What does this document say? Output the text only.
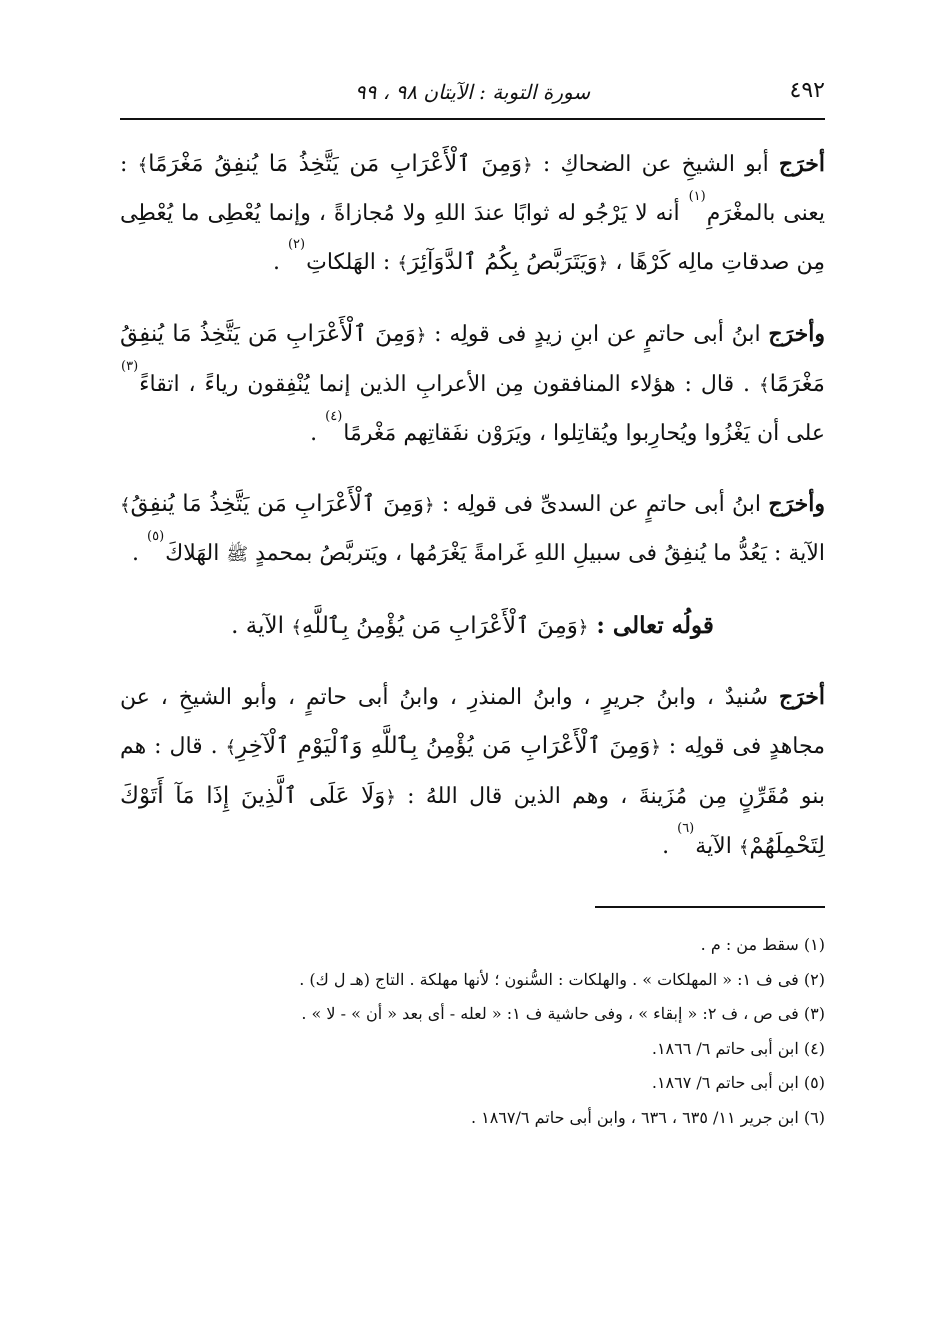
٤٩٢
سورة التوبة : الآيتان ٩٨ ، ٩٩

أخرَج أبو الشيخِ عن الضحاكِ : ﴿وَمِنَ ٱلْأَعْرَابِ مَن يَتَّخِذُ مَا يُنفِقُ مَغْرَمًا﴾ : يعنى بالمغْرَمِ$^{(١)}$ أنه لا يَرْجُو له ثوابًا عندَ اللهِ ولا مُجازاةً ، وإنما يُعْطِى ما يُعْطِى مِن صدقاتِ مالِه كَرْهًا ، ﴿وَيَتَرَبَّصُ بِكُمُ ٱلدَّوَآئِرَ﴾ : الهَلكاتِ$^{(٢)}$ .

وأخرَج ابنُ أبى حاتمٍ عن ابنِ زيدٍ فى قولِه : ﴿وَمِنَ ٱلْأَعْرَابِ مَن يَتَّخِذُ مَا يُنفِقُ مَغْرَمًا﴾ . قال : هؤلاء المنافقون مِن الأعرابِ الذين إنما يُنْفِقون رياءً ، اتقاءً$^{(٣)}$ على أن يَغْزُوا ويُحارِبوا ويُقاتِلوا ، ويَرَوْن نفَقاتِهم مَغْرمًا$^{(٤)}$ .

وأخرَج ابنُ أبى حاتمٍ عن السدىِّ فى قولِه : ﴿وَمِنَ ٱلْأَعْرَابِ مَن يَتَّخِذُ مَا يُنفِقُ﴾ الآية : يَعُدُّ ما يُنفِقُ فى سبيلِ اللهِ غَرامةً يَغْرَمُها ، ويَتربَّصُ بمحمدٍ ﷺ الهَلاكَ$^{(٥)}$ .

قولُه تعالى : ﴿وَمِنَ ٱلْأَعْرَابِ مَن يُؤْمِنُ بِٱللَّهِ﴾ الآية .

أخرَج سُنيدٌ ، وابنُ جريرٍ ، وابنُ المنذرِ ، وابنُ أبى حاتمٍ ، وأبو الشيخِ ، عن مجاهدٍ فى قولِه : ﴿وَمِنَ ٱلْأَعْرَابِ مَن يُؤْمِنُ بِٱللَّهِ وَٱلْيَوْمِ ٱلْآخِرِ﴾ . قال : هم بنو مُقَرِّنٍ مِن مُزَينةَ ، وهم الذين قال اللهُ : ﴿وَلَا عَلَى ٱلَّذِينَ إِذَا مَآ أَتَوْكَ لِتَحْمِلَهُمْ﴾ الآية$^{(٦)}$ .

(١) سقط من : م .
(٢) فى ف ١: « المهلكات » . والهلكات : السُّنون ؛ لأنها مهلكة . التاج (هـ ل ك) .
(٣) فى ص ، ف ٢: « إبقاء » ، وفى حاشية ف ١: « لعله - أى بعد « أن » - لا » .
(٤) ابن أبى حاتم ٦/ ١٨٦٦.
(٥) ابن أبى حاتم ٦/ ١٨٦٧.
(٦) ابن جرير ١١/ ٦٣٥ ، ٦٣٦ ، وابن أبى حاتم ١٨٦٧/٦ .
